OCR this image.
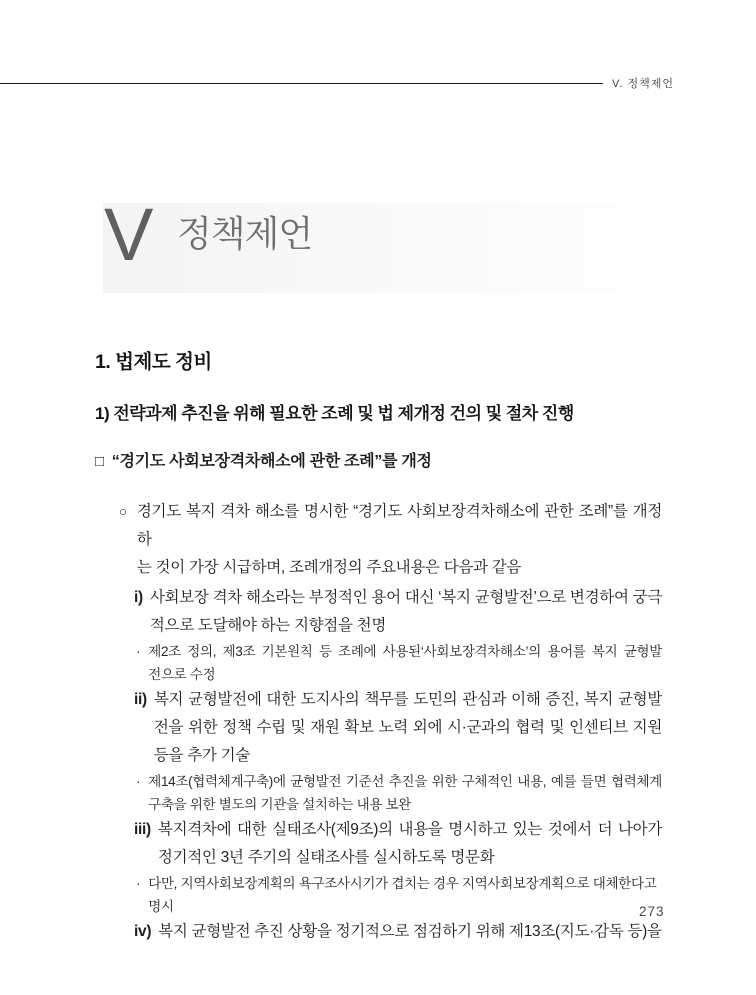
V. 정책제언
V 정책제언
1. 법제도 정비
1) 전략과제 추진을 위해 필요한 조례 및 법 제개정 건의 및 절차 진행
□ “경기도 사회보장격차해소에 관한 조례”를 개정
○ 경기도 복지 격차 해소를 명시한 “경기도 사회보장격차해소에 관한 조례”를 개정하
는 것이 가장 시급하며, 조례개정의 주요내용은 다음과 같음
i) 사회보장 격차 해소라는 부정적인 용어 대신 ‘복지 균형발전’으로 변경하여 궁극
적으로 도달해야 하는 지향점을 천명
· 제2조 정의, 제3조 기본원칙 등 조례에 사용된‘사회보장격차해소’의 용어를 복지 균형발
전으로 수정
ii) 복지 균형발전에 대한 도지사의 책무를 도민의 관심과 이해 증진, 복지 균형발
전을 위한 정책 수립 및 재원 확보 노력 외에 시·군과의 협력 및 인센티브 지원
등을 추가 기술
· 제14조(협력체계구축)에 균형발전 기준선 추진을 위한 구체적인 내용, 예를 들면 협력체계
구축을 위한 별도의 기관을 설치하는 내용 보완
iii) 복지격차에 대한 실태조사(제9조)의 내용을 명시하고 있는 것에서 더 나아가
정기적인 3년 주기의 실태조사를 실시하도록 명문화
· 다만, 지역사회보장계획의 욕구조사시기가 겹치는 경우 지역사회보장계획으로 대체한다고 명시
iv) 복지 균형발전 추진 상황을 정기적으로 점검하기 위해 제13조(지도·감독 등)을
273
